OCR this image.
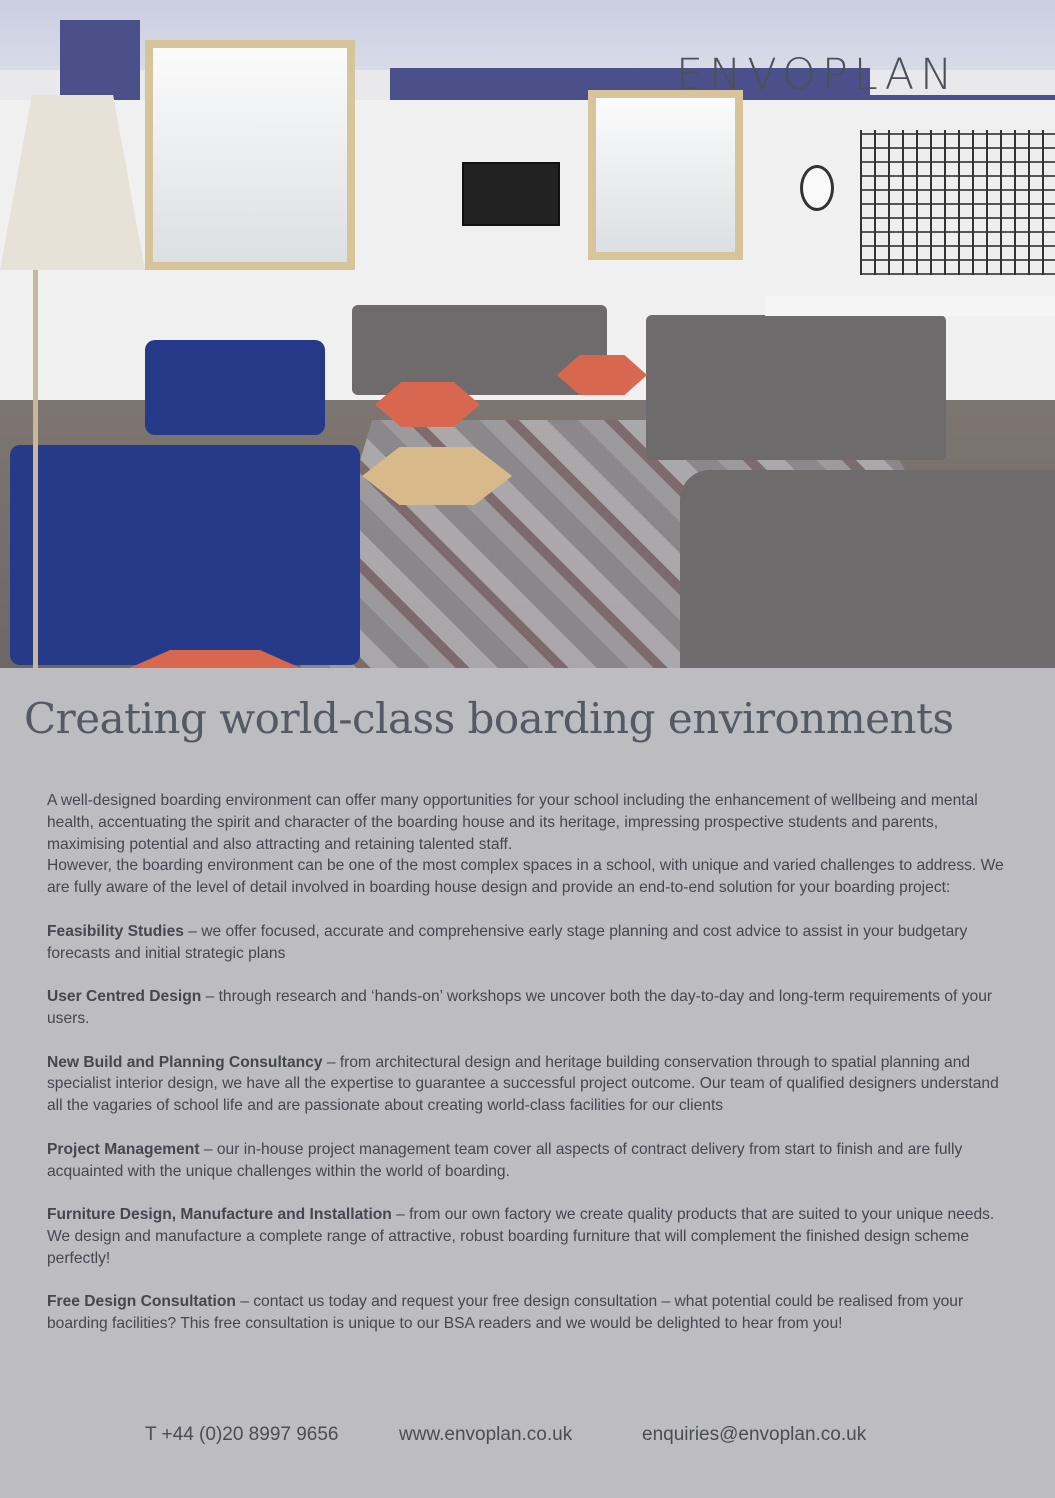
ENVOPLAN
Creating world-class boarding environments

A well-designed boarding environment can offer many opportunities for your school including the enhancement of wellbeing and mental health, accentuating the spirit and character of the boarding house and its heritage, impressing prospective students and parents, maximising potential and also attracting and retaining talented staff.
However, the boarding environment can be one of the most complex spaces in a school, with unique and varied challenges to address. We are fully aware of the level of detail involved in boarding house design and provide an end-to-end solution for your boarding project:

Feasibility Studies – we offer focused, accurate and comprehensive early stage planning and cost advice to assist in your budgetary forecasts and initial strategic plans

User Centred Design – through research and ‘hands-on’ workshops we uncover both the day-to-day and long-term requirements of your users.

New Build and Planning Consultancy – from architectural design and heritage building conservation through to spatial planning and specialist interior design, we have all the expertise to guarantee a successful project outcome. Our team of qualified designers understand all the vagaries of school life and are passionate about creating world-class facilities for our clients

Project Management – our in-house project management team cover all aspects of contract delivery from start to finish and are fully acquainted with the unique challenges within the world of boarding.

Furniture Design, Manufacture and Installation – from our own factory we create quality products that are suited to your unique needs. We design and manufacture a complete range of attractive, robust boarding furniture that will complement the finished design scheme perfectly!

Free Design Consultation – contact us today and request your free design consultation – what potential could be realised from your boarding facilities? This free consultation is unique to our BSA readers and we would be delighted to hear from you!

T +44 (0)20 8997 9656	www.envoplan.co.uk	enquiries@envoplan.co.uk
